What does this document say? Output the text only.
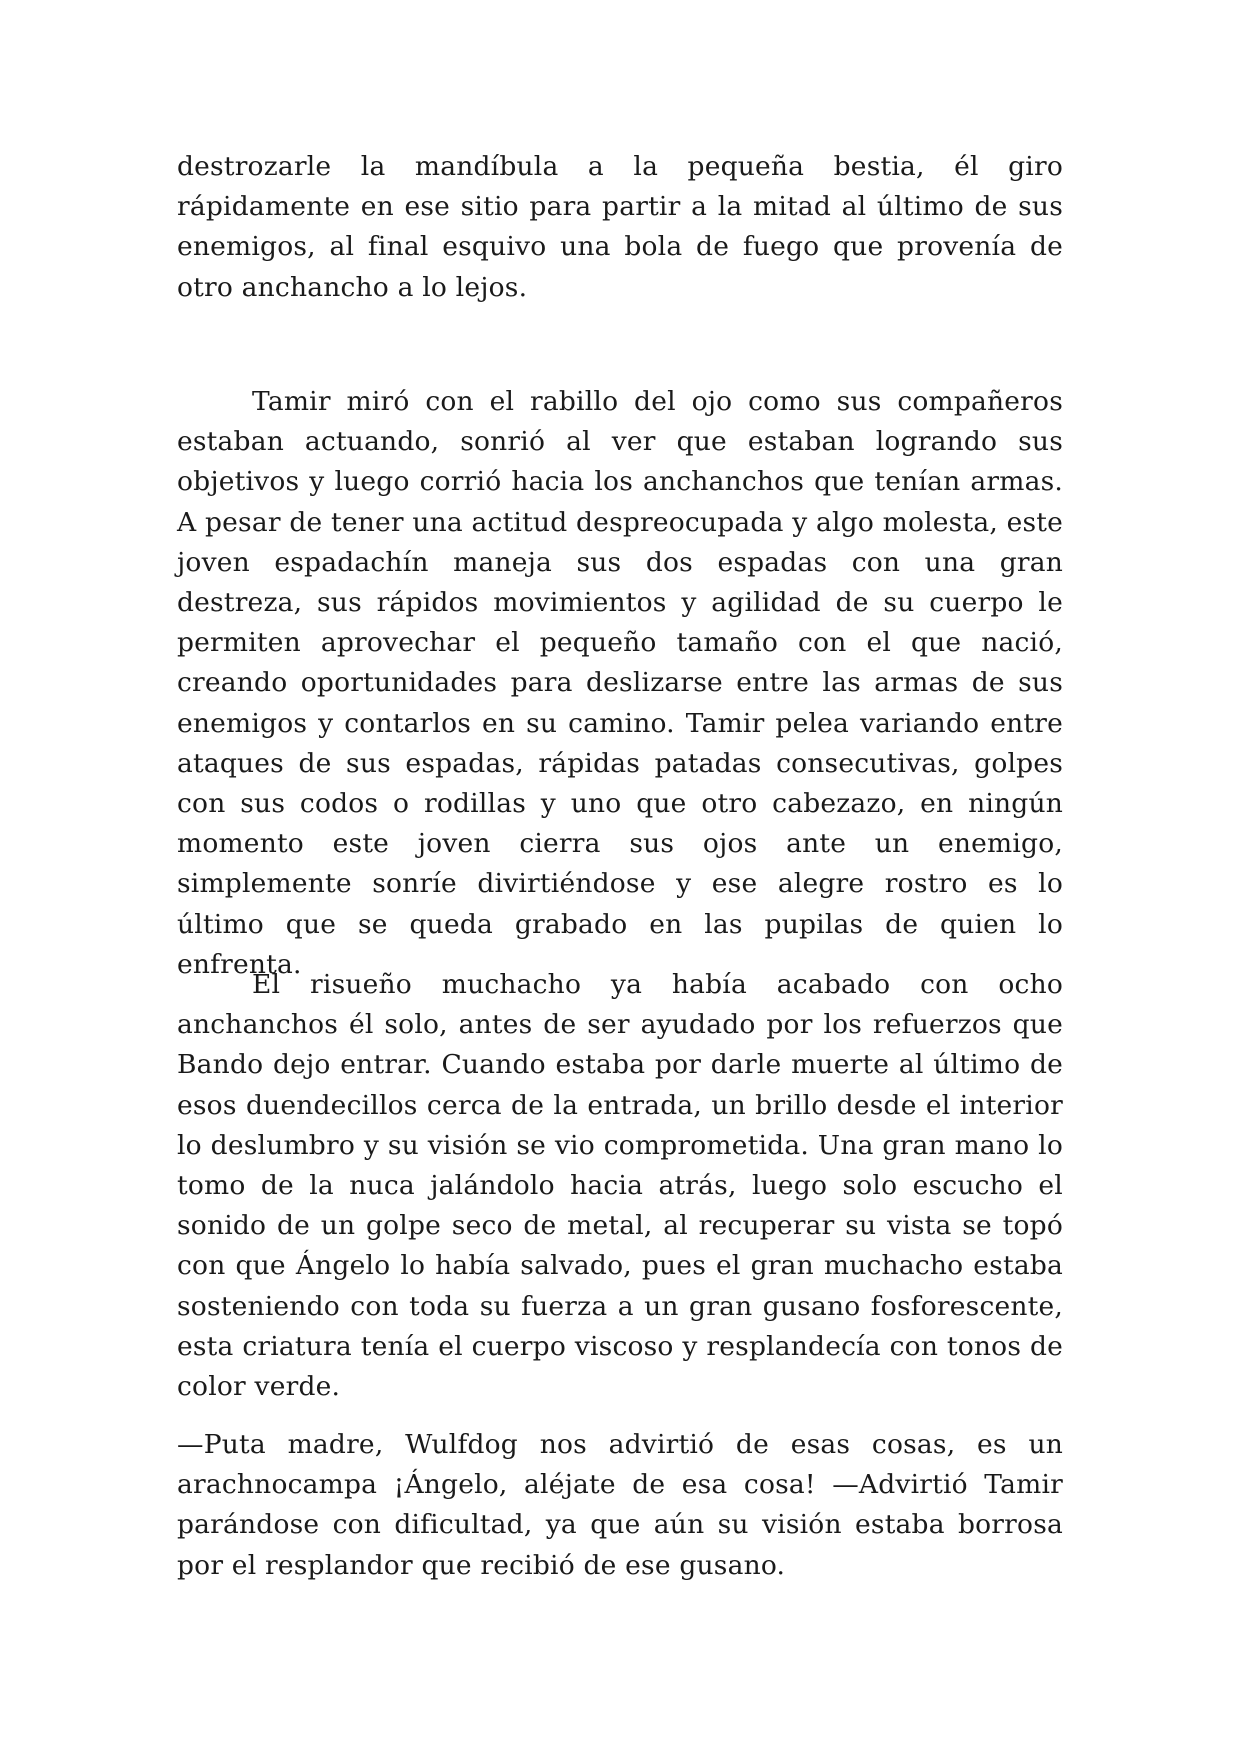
destrozarle la mandíbula a la pequeña bestia, él giro rápidamente en ese sitio para partir a la mitad al último de sus enemigos, al final esquivo una bola de fuego que provenía de otro anchancho a lo lejos.

Tamir miró con el rabillo del ojo como sus compañeros estaban actuando, sonrió al ver que estaban logrando sus objetivos y luego corrió hacia los anchanchos que tenían armas. A pesar de tener una actitud despreocupada y algo molesta, este joven espadachín maneja sus dos espadas con una gran destreza, sus rápidos movimientos y agilidad de su cuerpo le permiten aprovechar el pequeño tamaño con el que nació, creando oportunidades para deslizarse entre las armas de sus enemigos y contarlos en su camino. Tamir pelea variando entre ataques de sus espadas, rápidas patadas consecutivas, golpes con sus codos o rodillas y uno que otro cabezazo, en ningún momento este joven cierra sus ojos ante un enemigo, simplemente sonríe divirtiéndose y ese alegre rostro es lo último que se queda grabado en las pupilas de quien lo enfrenta.

El risueño muchacho ya había acabado con ocho anchanchos él solo, antes de ser ayudado por los refuerzos que Bando dejo entrar. Cuando estaba por darle muerte al último de esos duendecillos cerca de la entrada, un brillo desde el interior lo deslumbro y su visión se vio comprometida. Una gran mano lo tomo de la nuca jalándolo hacia atrás, luego solo escucho el sonido de un golpe seco de metal, al recuperar su vista se topó con que Ángelo lo había salvado, pues el gran muchacho estaba sosteniendo con toda su fuerza a un gran gusano fosforescente, esta criatura tenía el cuerpo viscoso y resplandecía con tonos de color verde.

—Puta madre, Wulfdog nos advirtió de esas cosas, es un arachnocampa ¡Ángelo, aléjate de esa cosa! —Advirtió Tamir parándose con dificultad, ya que aún su visión estaba borrosa por el resplandor que recibió de ese gusano.
